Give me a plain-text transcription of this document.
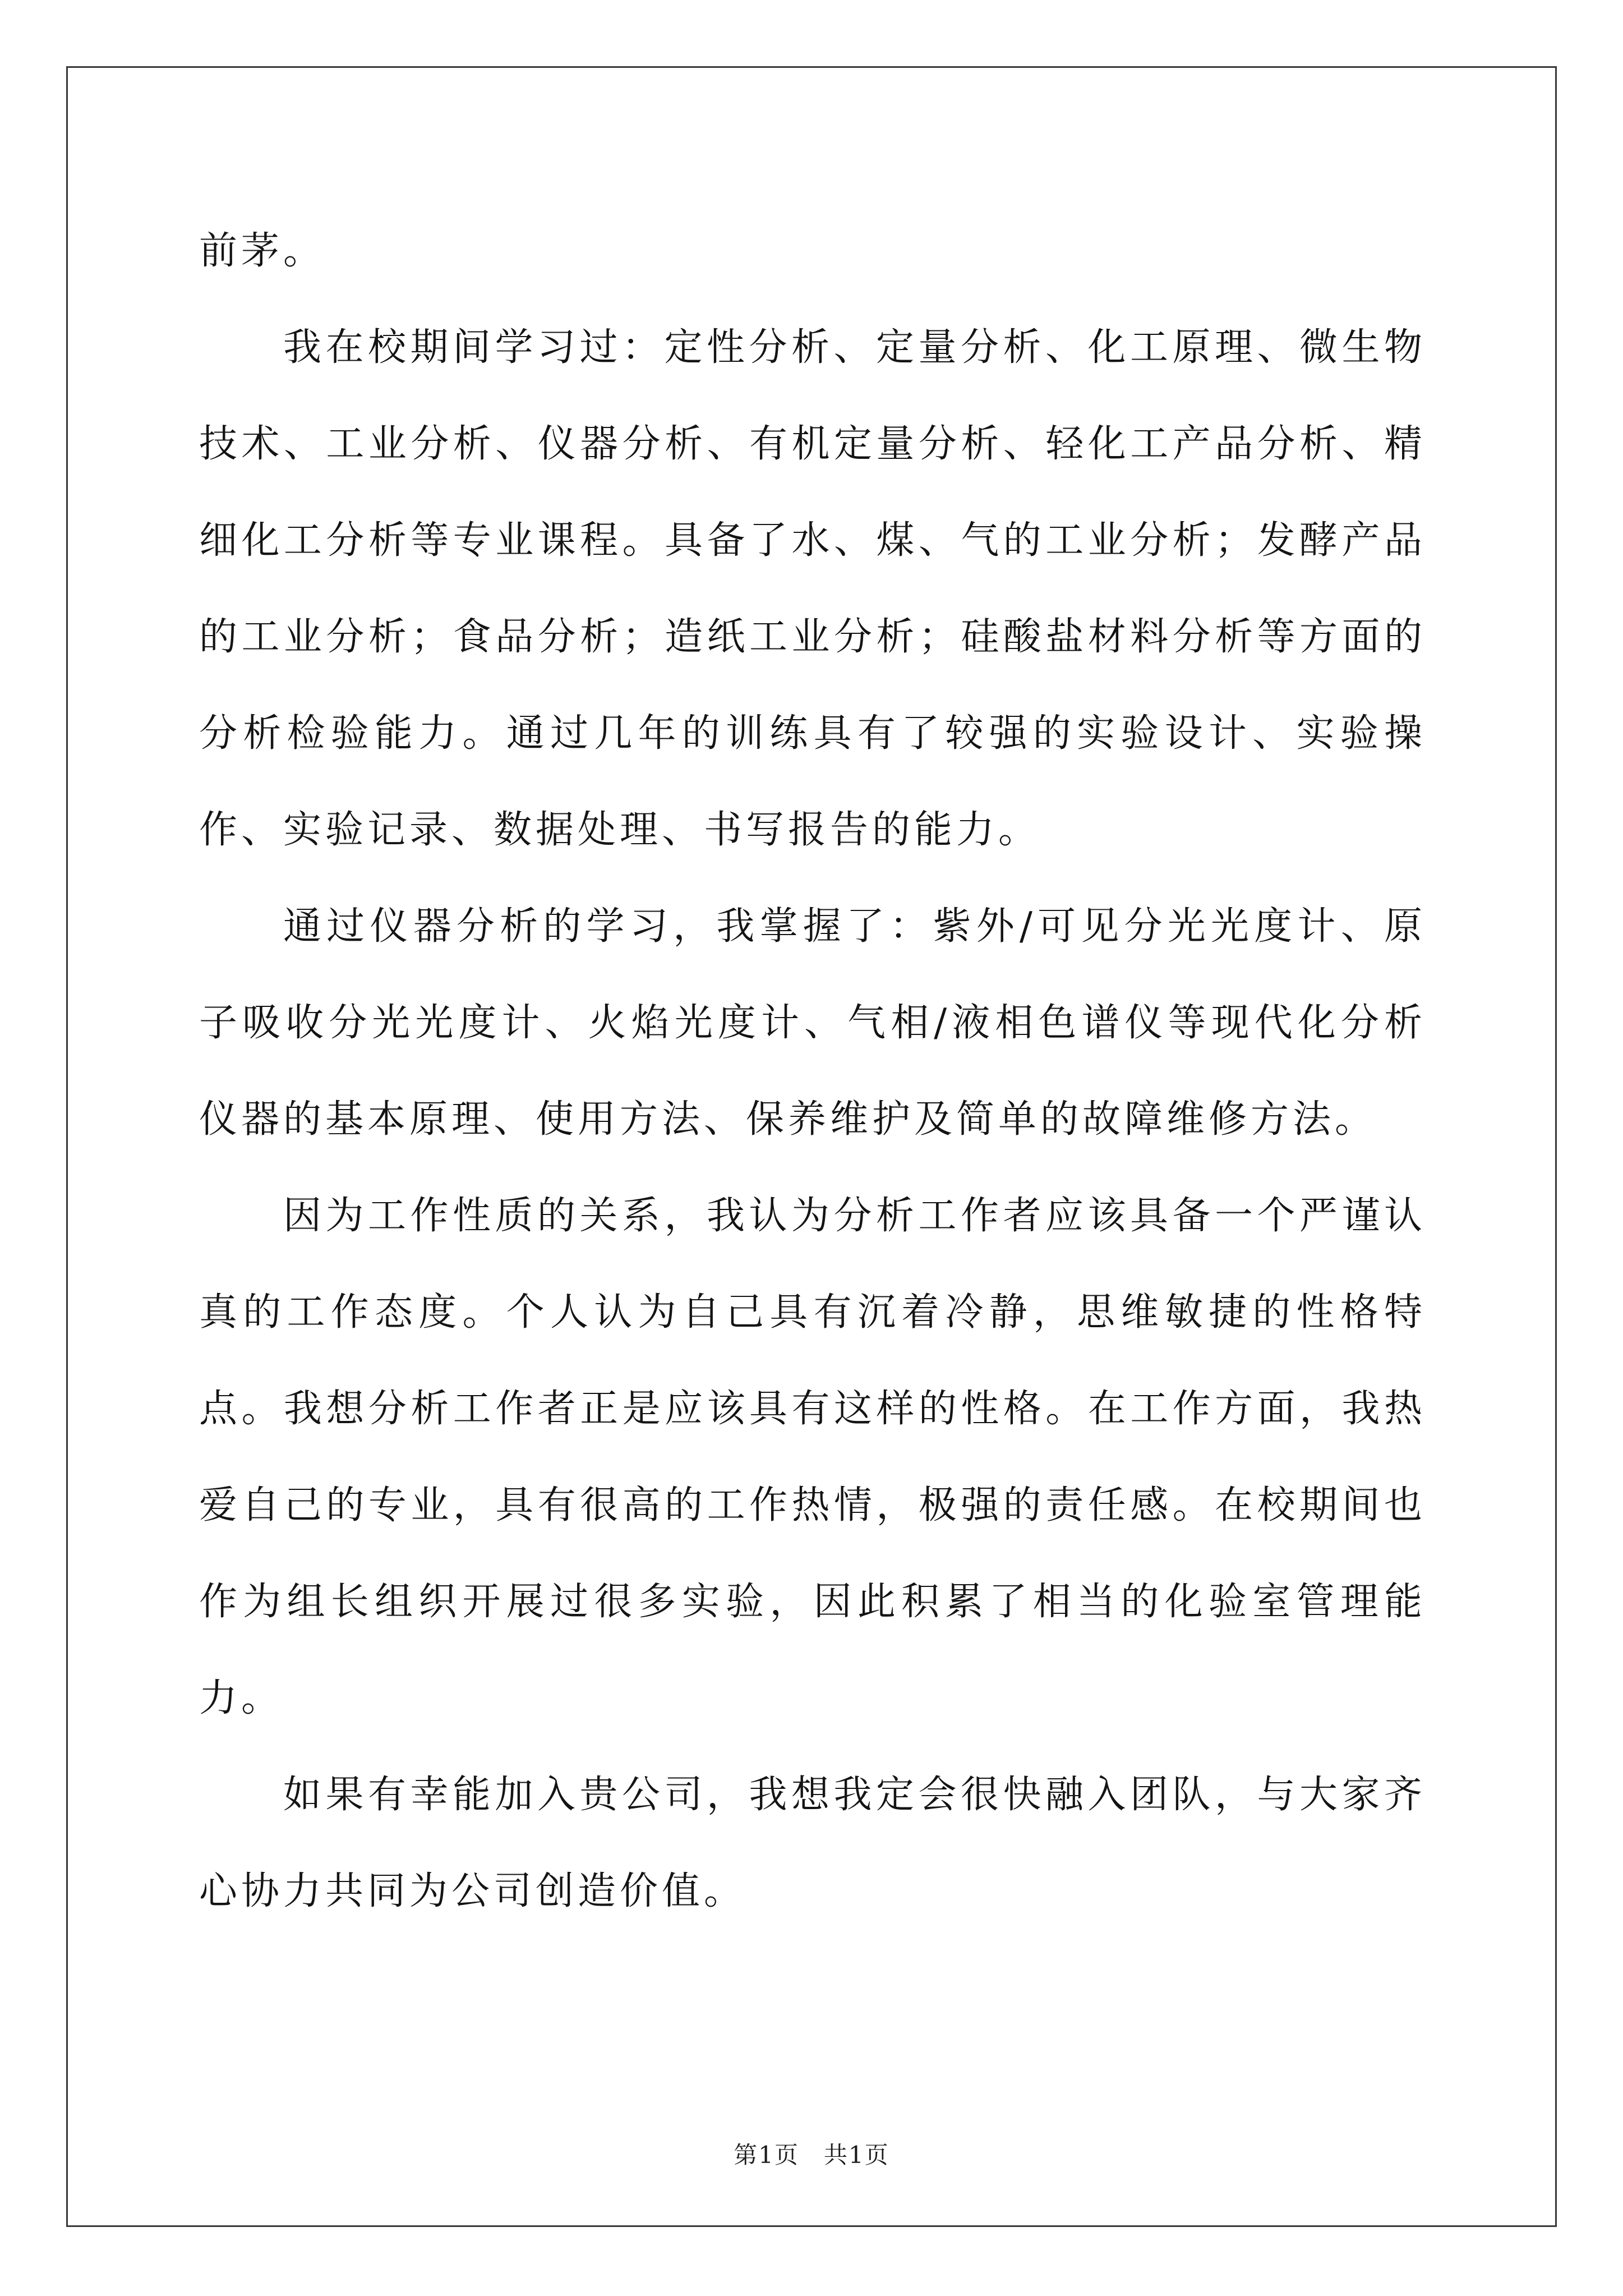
前茅。

我在校期间学习过：定性分析、定量分析、化工原理、微生物技术、工业分析、仪器分析、有机定量分析、轻化工产品分析、精细化工分析等专业课程。具备了水、煤、气的工业分析；发酵产品的工业分析；食品分析；造纸工业分析；硅酸盐材料分析等方面的分析检验能力。通过几年的训练具有了较强的实验设计、实验操作、实验记录、数据处理、书写报告的能力。

通过仪器分析的学习，我掌握了：紫外/可见分光光度计、原子吸收分光光度计、火焰光度计、气相/液相色谱仪等现代化分析仪器的基本原理、使用方法、保养维护及简单的故障维修方法。

因为工作性质的关系，我认为分析工作者应该具备一个严谨认真的工作态度。个人认为自己具有沉着冷静，思维敏捷的性格特点。我想分析工作者正是应该具有这样的性格。在工作方面，我热爱自己的专业，具有很高的工作热情，极强的责任感。在校期间也作为组长组织开展过很多实验，因此积累了相当的化验室管理能力。

如果有幸能加入贵公司，我想我定会很快融入团队，与大家齐心协力共同为公司创造价值。

第1页　共1页
